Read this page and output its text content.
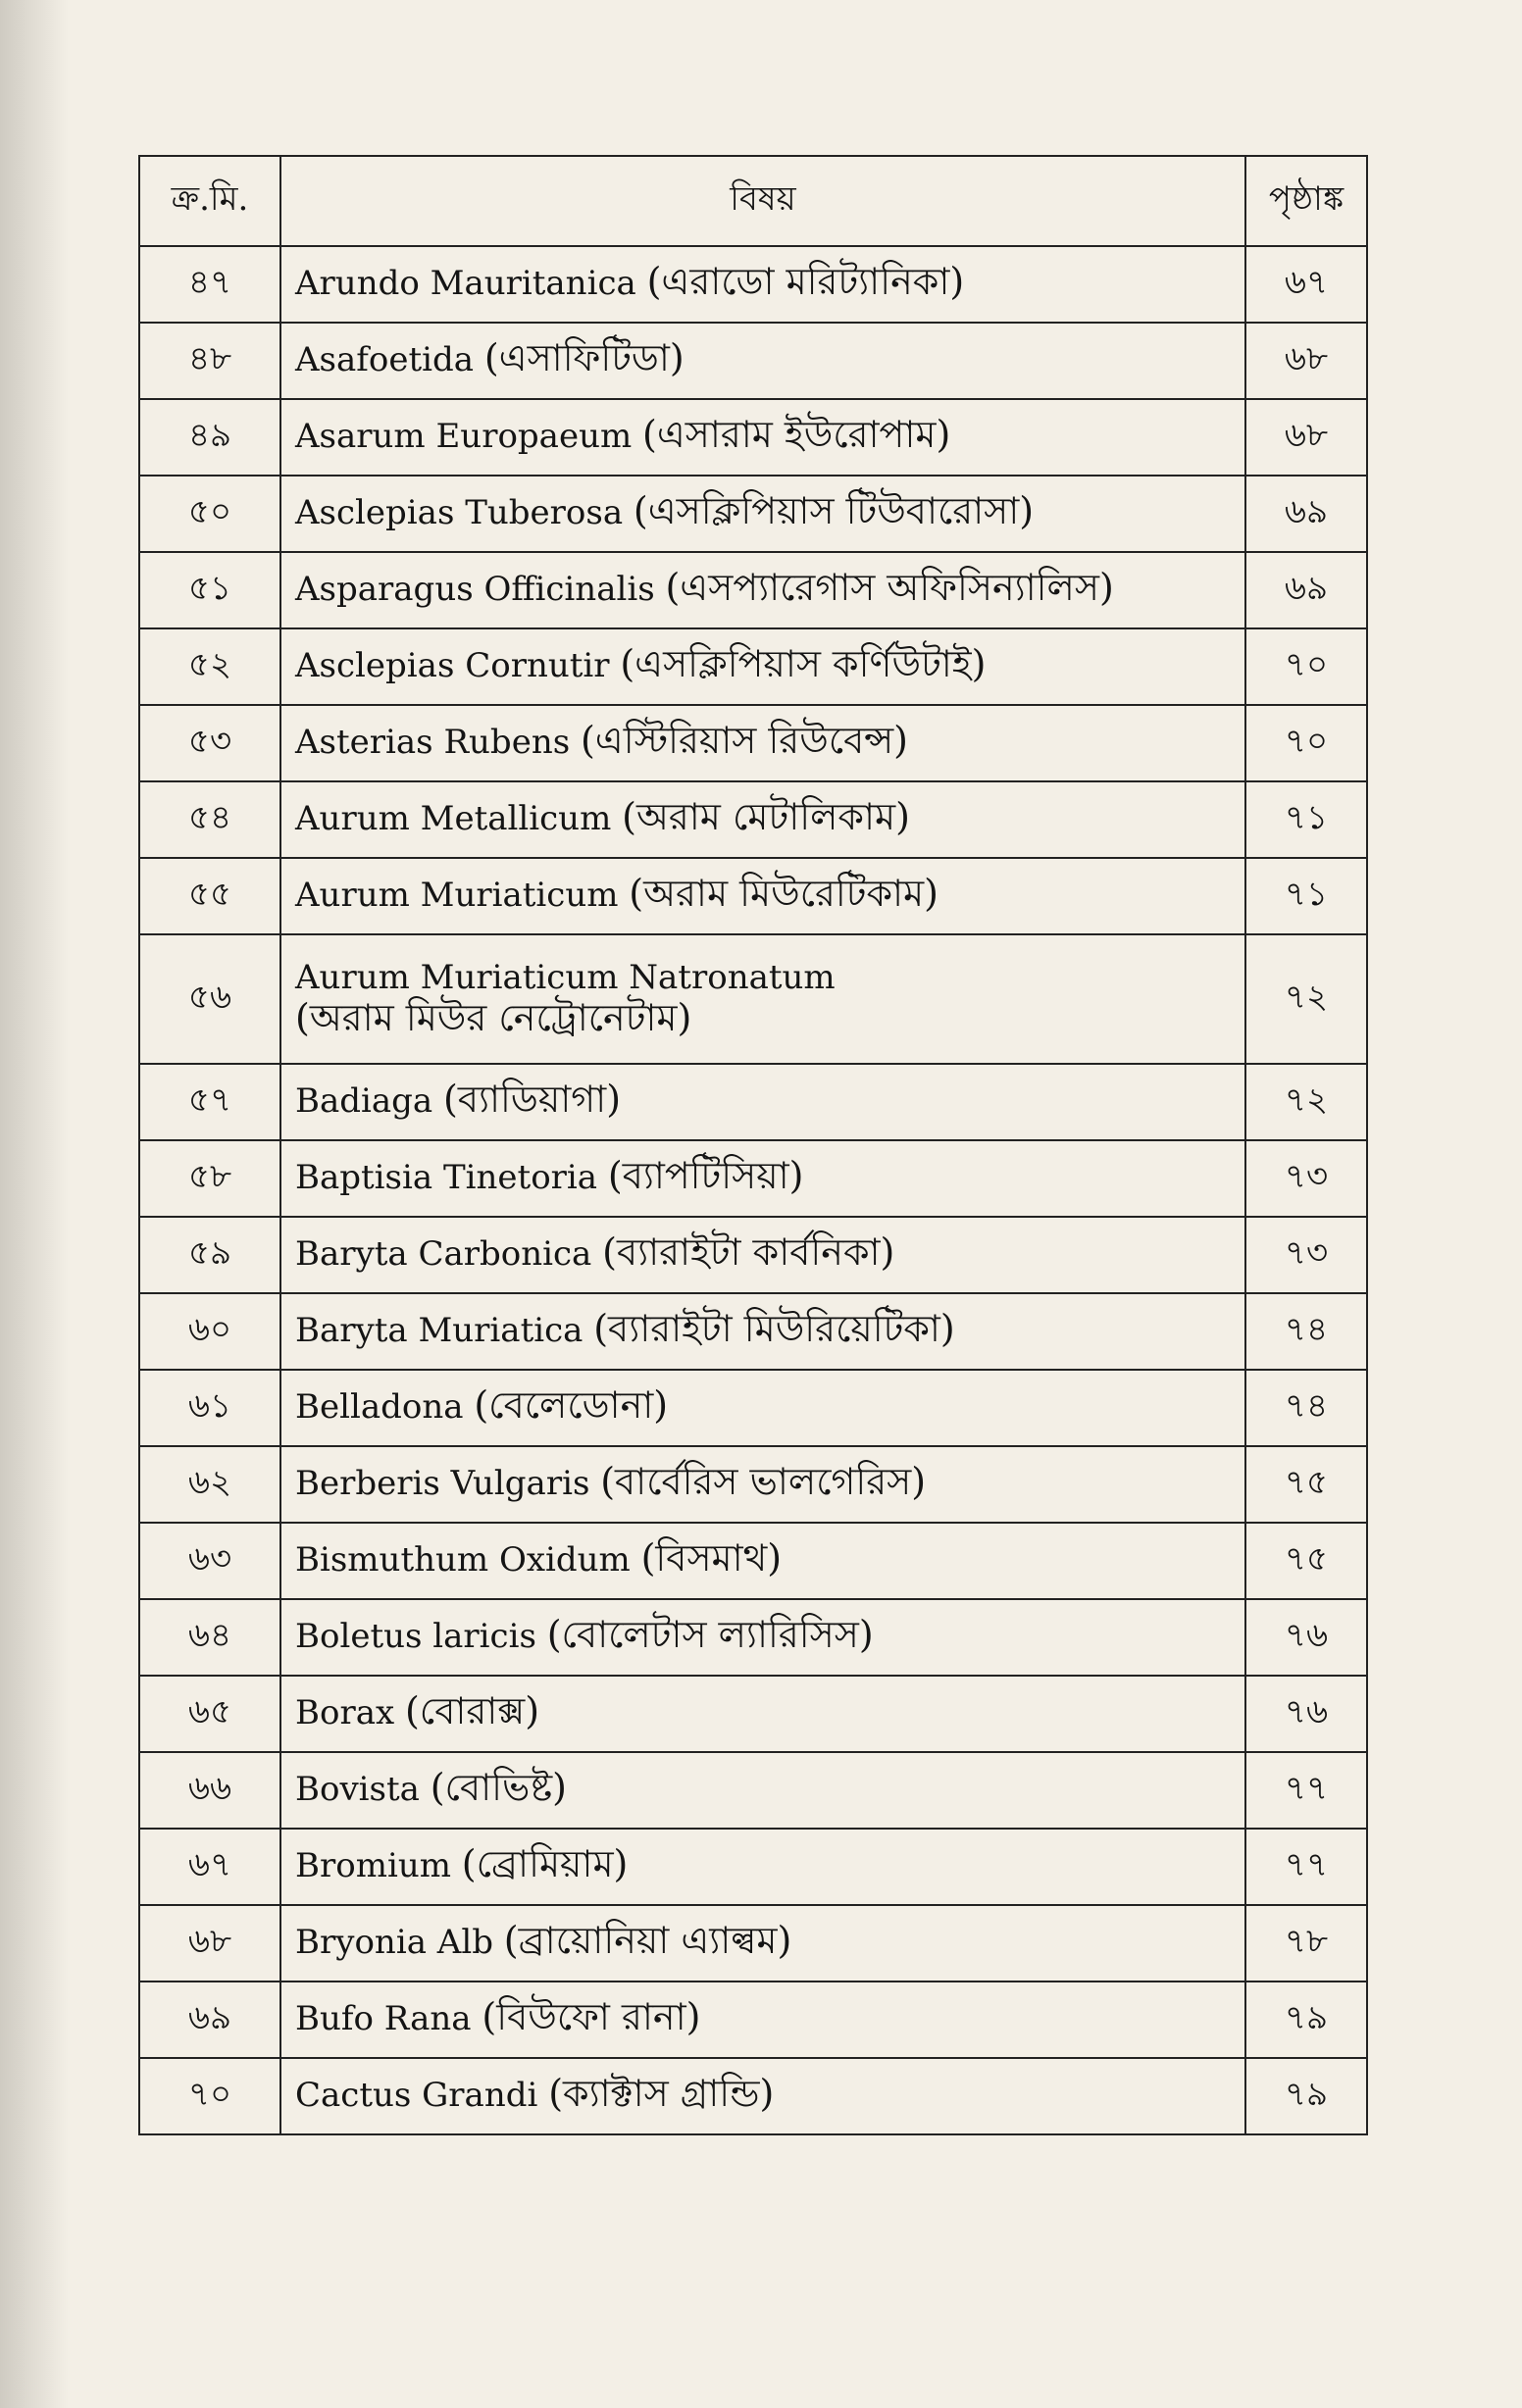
ক্র.মি.	বিষয়	পৃষ্ঠাঙ্ক
৪৭	Arundo Mauritanica (এরাডো মরিট্যানিকা)	৬৭
৪৮	Asafoetida (এসাফিটিডা)	৬৮
৪৯	Asarum Europaeum (এসারাম ইউরোপাম)	৬৮
৫০	Asclepias Tuberosa (এসক্লিপিয়াস টিউবারোসা)	৬৯
৫১	Asparagus Officinalis (এসপ্যারেগাস অফিসিন্যালিস)	৬৯
৫২	Asclepias Cornutir (এসক্লিপিয়াস কর্ণিউটাই)	৭০
৫৩	Asterias Rubens (এস্টিরিয়াস রিউবেন্স)	৭০
৫৪	Aurum Metallicum (অরাম মেটালিকাম)	৭১
৫৫	Aurum Muriaticum (অরাম মিউরেটিকাম)	৭১
৫৬	Aurum Muriaticum Natronatum
(অরাম মিউর নেট্রোনেটাম)	৭২
৫৭	Badiaga (ব্যাডিয়াগা)	৭২
৫৮	Baptisia Tinetoria (ব্যাপটিসিয়া)	৭৩
৫৯	Baryta Carbonica (ব্যারাইটা কার্বনিকা)	৭৩
৬০	Baryta Muriatica (ব্যারাইটা মিউরিয়েটিকা)	৭৪
৬১	Belladona (বেলেডোনা)	৭৪
৬২	Berberis Vulgaris (বার্বেরিস ভালগেরিস)	৭৫
৬৩	Bismuthum Oxidum (বিসমাথ)	৭৫
৬৪	Boletus laricis (বোলেটাস ল্যারিসিস)	৭৬
৬৫	Borax (বোরাক্স)	৭৬
৬৬	Bovista (বোভিষ্ট)	৭৭
৬৭	Bromium (ব্রোমিয়াম)	৭৭
৬৮	Bryonia Alb (ব্রায়োনিয়া এ্যাল্বম)	৭৮
৬৯	Bufo Rana (বিউফো রানা)	৭৯
৭০	Cactus Grandi (ক্যাক্টাস গ্রান্ডি)	৭৯
